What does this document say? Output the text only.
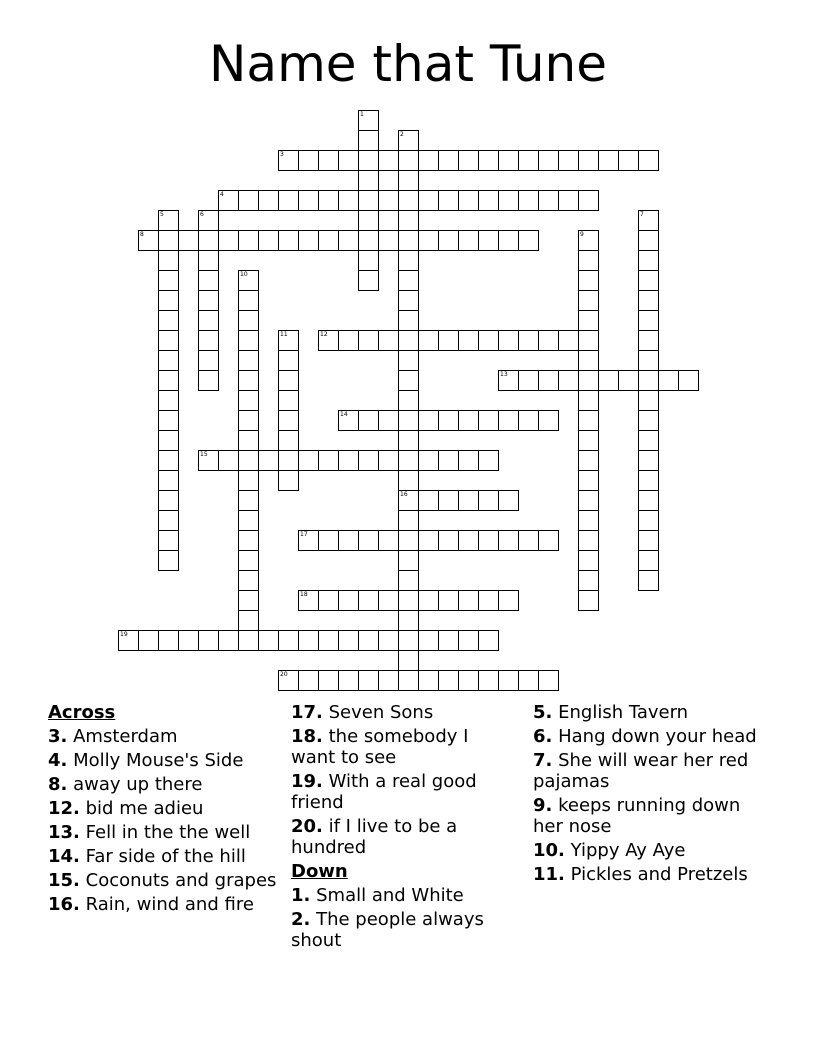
Name that Tune
1
2
16
3
4
5	6	7
8	9
10
11	12
13
14
15
17
18
19
20
Across
3. Amsterdam
4. Molly Mouse's Side
8. away up there
12. bid me adieu
13. Fell in the the well
14. Far side of the hill
15. Coconuts and grapes
16. Rain, wind and fire
17. Seven Sons
18. the somebody I want to see
19. With a real good friend
20. if I live to be a hundred
Down
1. Small and White
2. The people always shout
5. English Tavern
6. Hang down your head
7. She will wear her red pajamas
9. keeps running down her nose
10. Yippy Ay Aye
11. Pickles and Pretzels
